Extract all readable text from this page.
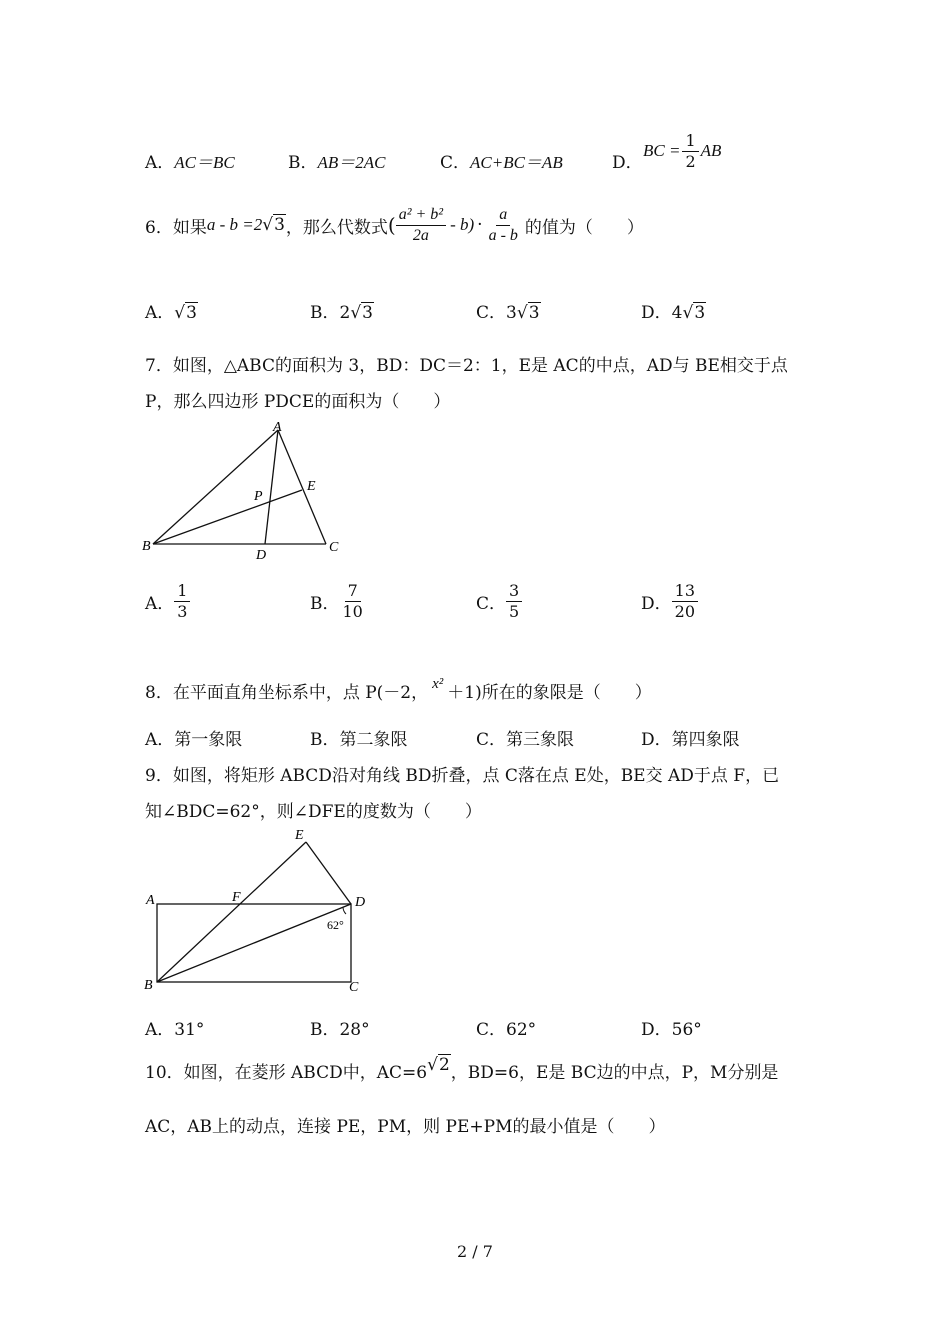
A．AC＝BC	B．AB＝2AC	C．AC+BC＝AB	D．
BC = $\frac{1}{2}$ AB
6．如果 a - b =2 √3 ，那么代数式 ( $\frac{\text{a² + b²}}{2a} - b) \cdot \frac{a}{a - b}$ 的值为（　　）
A．√3	B．2√3	C．3√3	D．4√3
7．如图，△ABC的面积为 3，BD：DC＝2：1，E是 AC的中点，AD与 BE相交于点
P，那么四边形 PDCE的面积为（　　）
A
B	C
D
E
P
A． $\frac{1}{3}$	B． $\frac{7}{10}$	C． $\frac{3}{5}$	D． $\frac{13}{20}$
8．在平面直角坐标系中，点 P(－2， x² ＋1)所在的象限是（　　）
A．第一象限	B．第二象限	C．第三象限	D．第四象限
9．如图，将矩形 ABCD沿对角线 BD折叠，点 C落在点 E处，BE交 AD于点 F，已
知∠BDC=62°，则∠DFE的度数为（　　）
A
B	C
D
E
F
62°
A．31°	B．28°	C．62°	D．56°
10．如图，在菱形 ABCD中，AC=6 √2 ，BD=6，E是 BC边的中点，P，M分别是
AC，AB上的动点，连接 PE，PM，则 PE+PM的最小值是（　　）
2 / 7
